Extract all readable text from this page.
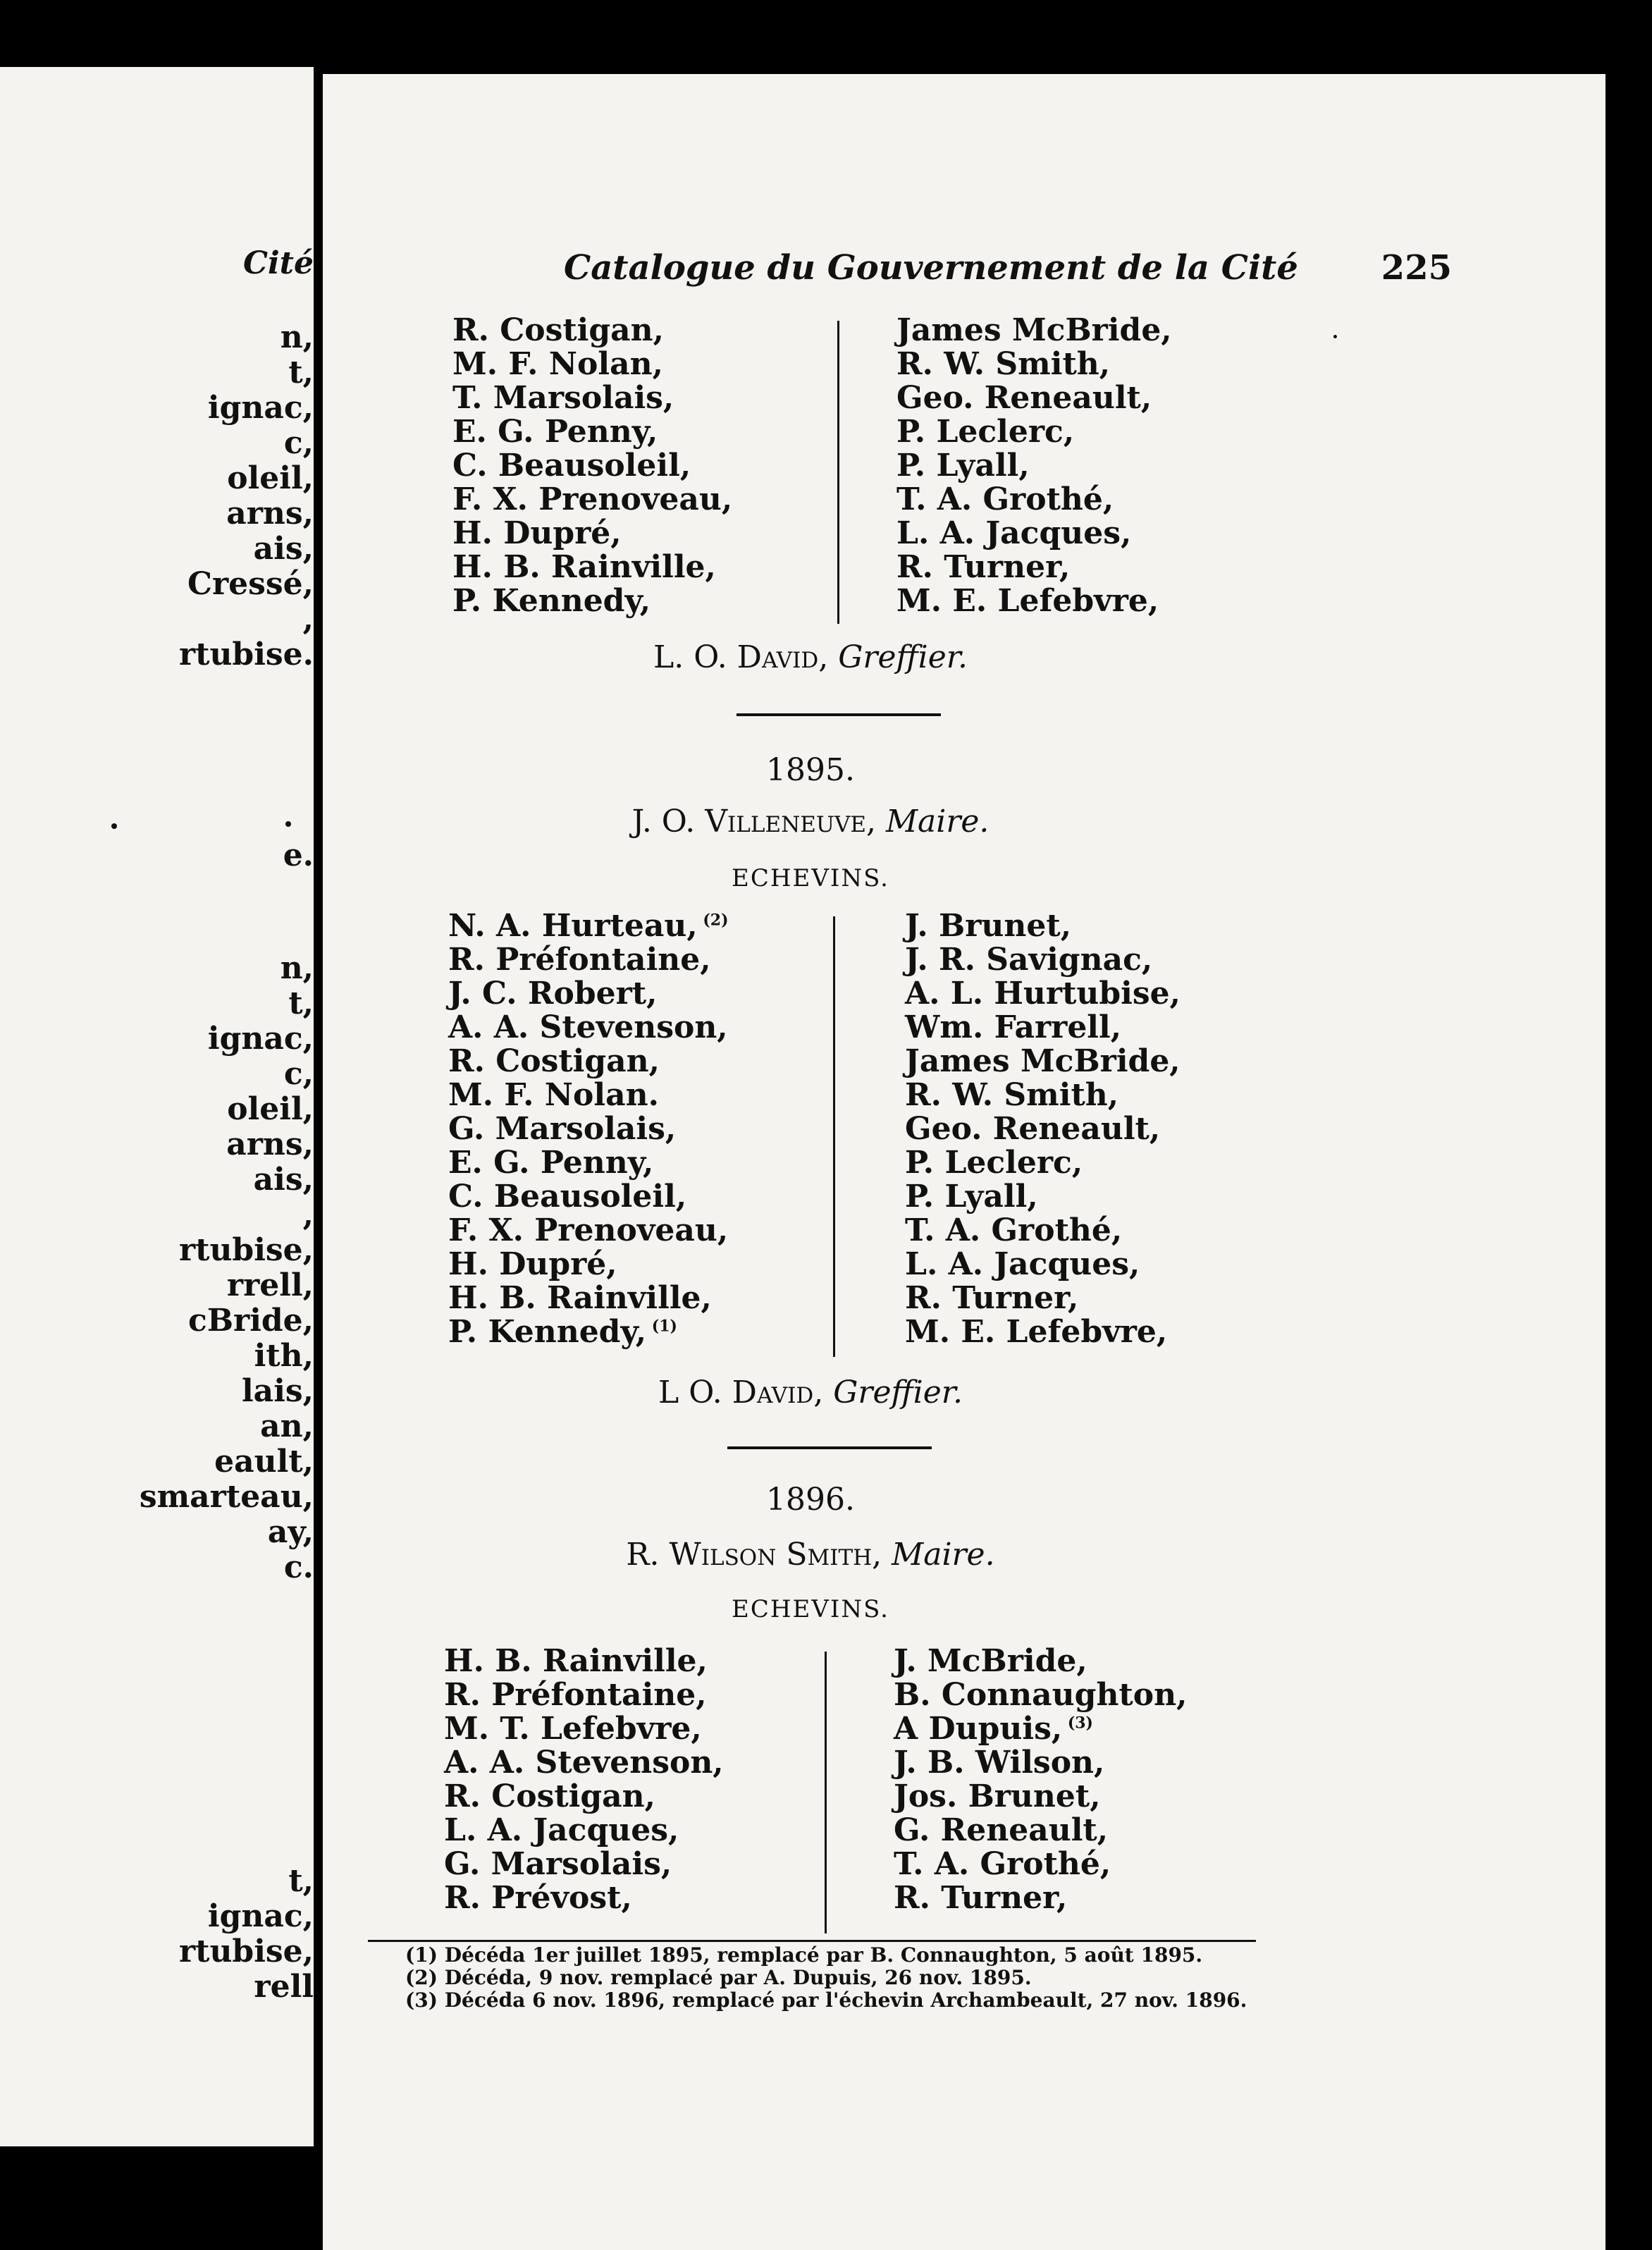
Cité
n,
t,
ignac,
c,
oleil,
arns,
ais,
Cressé,
,
rtubise.
e.
n,
t,
ignac,
c,
oleil,
arns,
ais,
,
rtubise,
rrell,
cBride,
ith,
lais,
an,
eault,
smarteau,
ay,
c.
t,
ignac,
rtubise,
rell
Catalogue du Gouvernement de la Cité 225
R. Costigan,
M. F. Nolan,
T. Marsolais,
E. G. Penny,
C. Beausoleil,
F. X. Prenoveau,
H. Dupré,
H. B. Rainville,
P. Kennedy,
James McBride,
R. W. Smith,
Geo. Reneault,
P. Leclerc,
P. Lyall,
T. A. Grothé,
L. A. Jacques,
R. Turner,
M. E. Lefebvre,
L. O. David, Greffier.
1895.
J. O. Villeneuve, Maire.
ECHEVINS.
N. A. Hurteau, $^{(2)}$
R. Préfontaine,
J. C. Robert,
A. A. Stevenson,
R. Costigan,
M. F. Nolan.
G. Marsolais,
E. G. Penny,
C. Beausoleil,
F. X. Prenoveau,
H. Dupré,
H. B. Rainville,
P. Kennedy, $^{(1)}$
J. Brunet,
J. R. Savignac,
A. L. Hurtubise,
Wm. Farrell,
James McBride,
R. W. Smith,
Geo. Reneault,
P. Leclerc,
P. Lyall,
T. A. Grothé,
L. A. Jacques,
R. Turner,
M. E. Lefebvre,
L O. David, Greffier.
1896.
R. Wilson Smith, Maire.
ECHEVINS.
H. B. Rainville,
R. Préfontaine,
M. T. Lefebvre,
A. A. Stevenson,
R. Costigan,
L. A. Jacques,
G. Marsolais,
R. Prévost,
J. McBride,
B. Connaughton,
A Dupuis, $^{(3)}$
J. B. Wilson,
Jos. Brunet,
G. Reneault,
T. A. Grothé,
R. Turner,
(1) Décéda 1er juillet 1895, remplacé par B. Connaughton, 5 août 1895.
(2) Décéda, 9 nov. remplacé par A. Dupuis, 26 nov. 1895.
(3) Décéda 6 nov. 1896, remplacé par l'échevin Archambeault, 27 nov. 1896.
